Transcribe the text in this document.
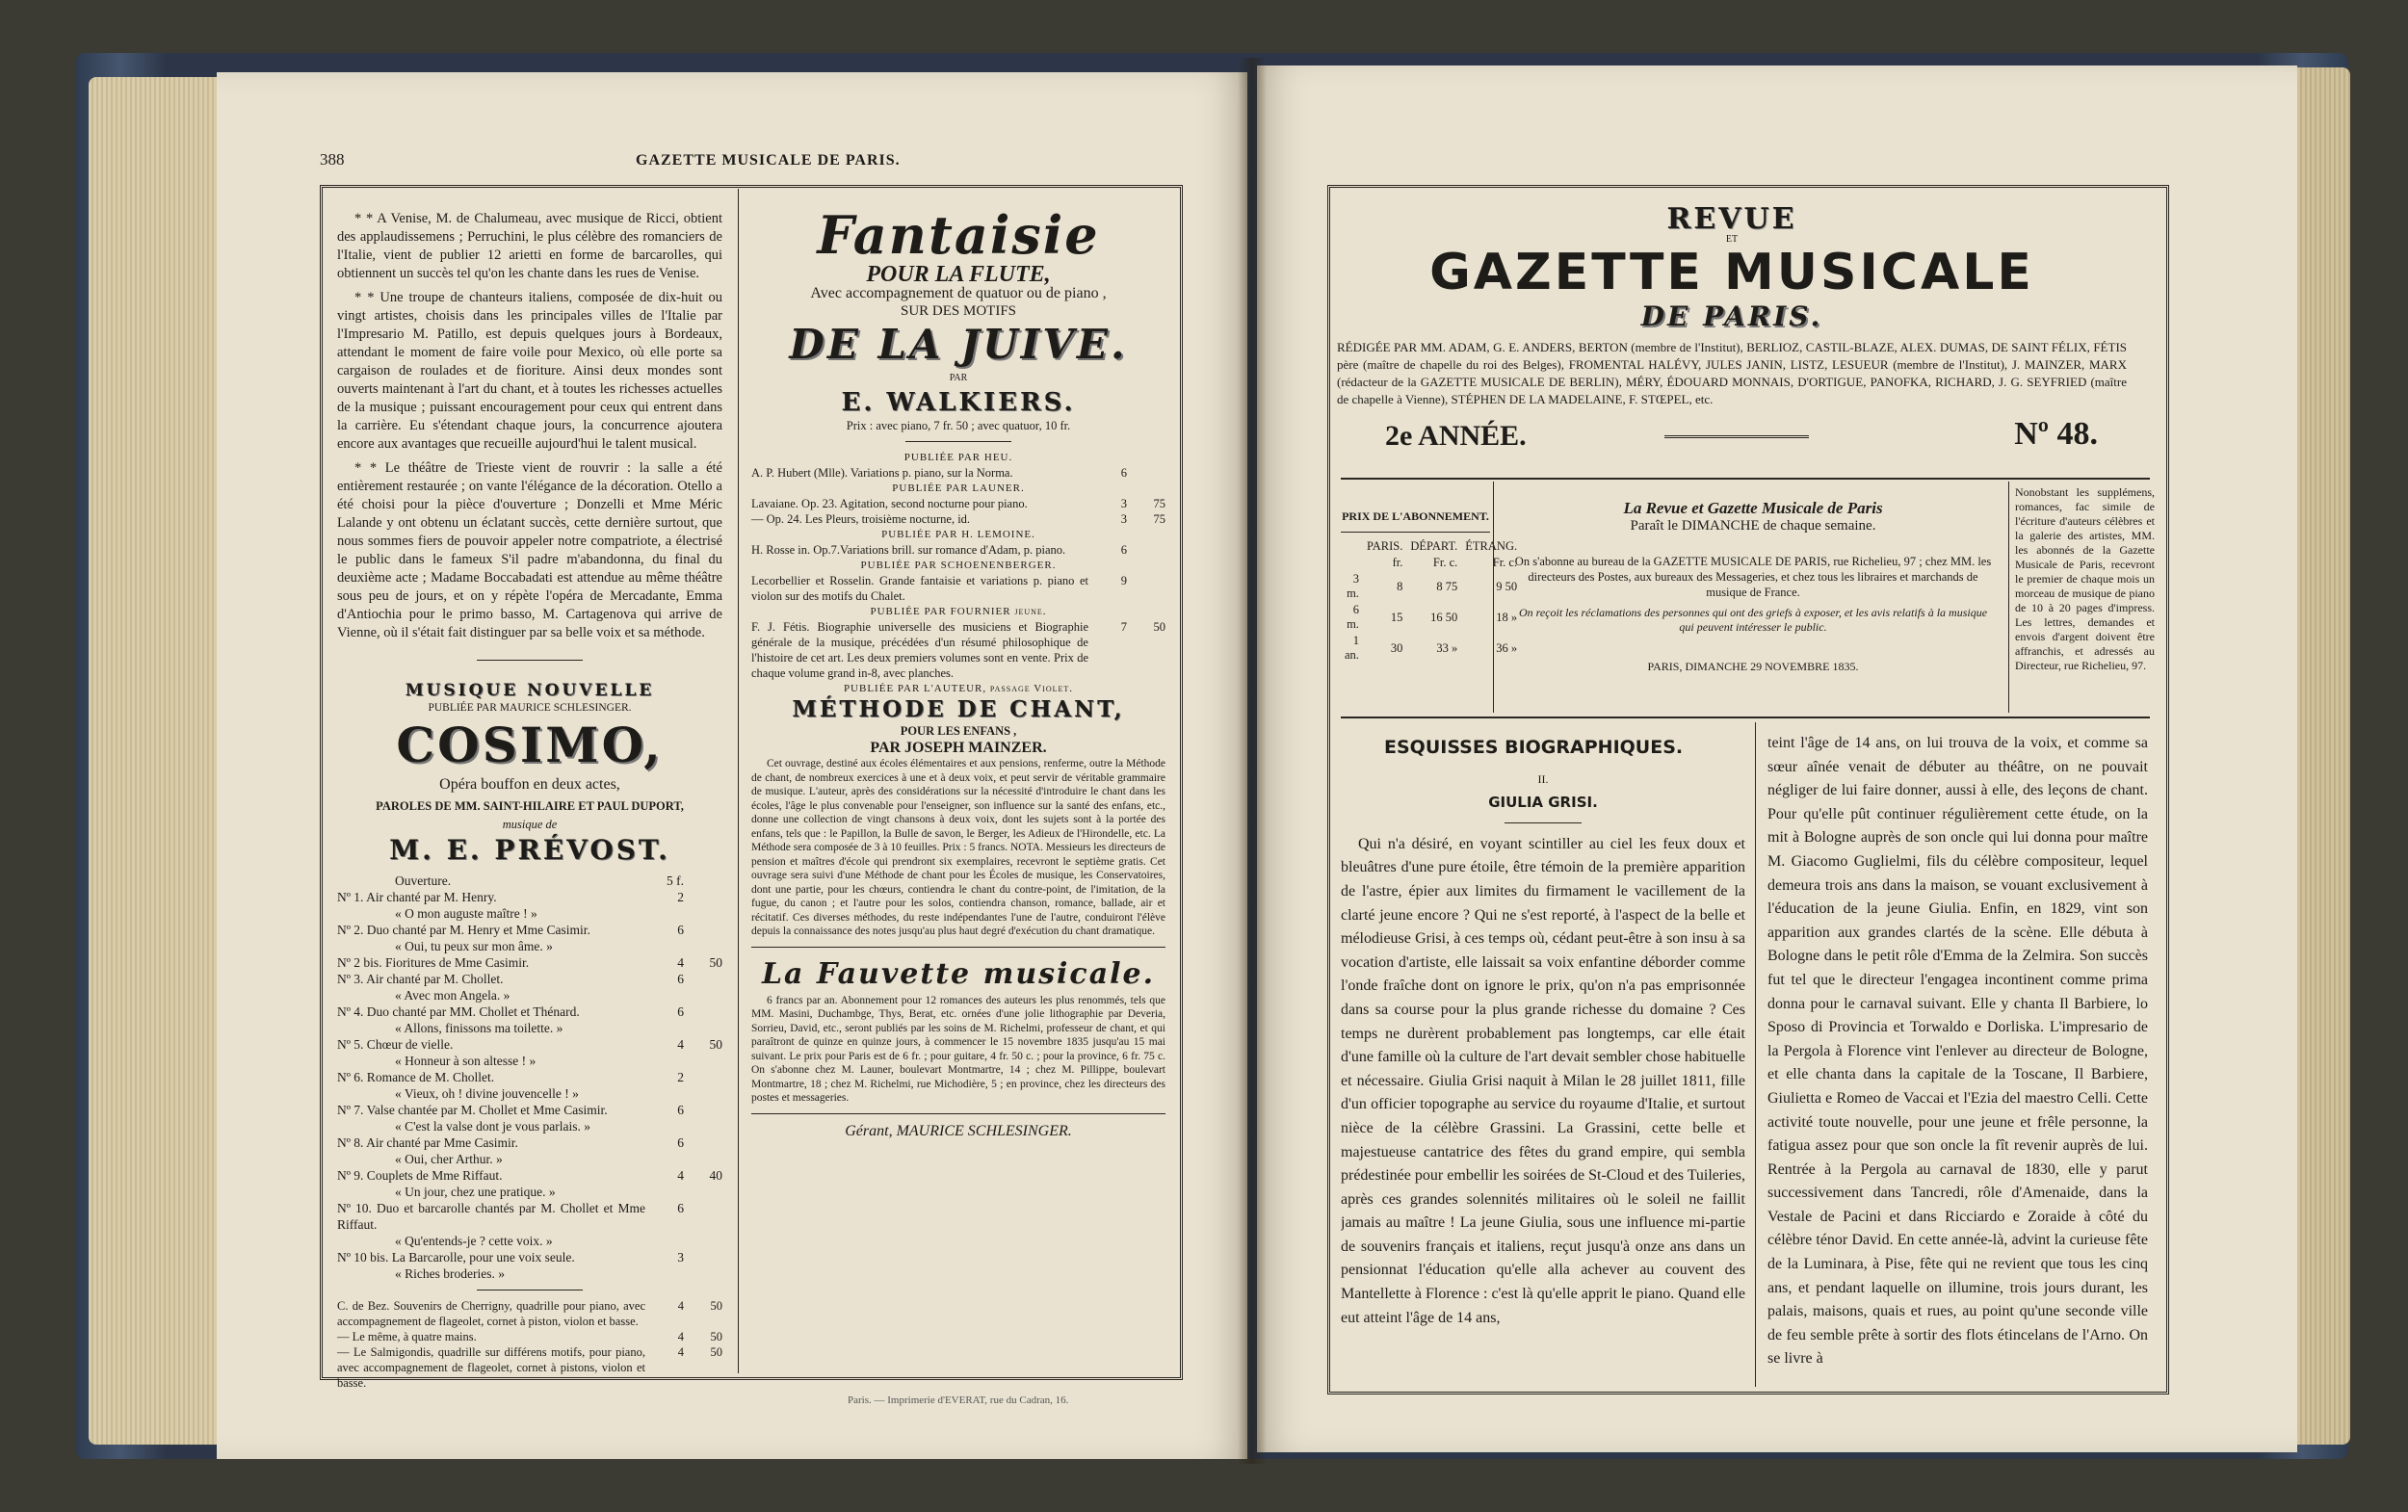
388	GAZETTE MUSICALE DE PARIS.

* * A Venise, M. de Chalumeau, avec musique de Ricci, obtient des applaudissemens ; Perruchini, le plus célèbre des romanciers de l'Italie, vient de publier 12 arietti en forme de barcarolles, qui obtiennent un succès tel qu'on les chante dans les rues de Venise.

* * Une troupe de chanteurs italiens, composée de dix-huit ou vingt artistes, choisis dans les principales villes de l'Italie par l'Impresario M. Patillo, est depuis quelques jours à Bordeaux, attendant le moment de faire voile pour Mexico, où elle porte sa cargaison de roulades et de fioriture. Ainsi deux mondes sont ouverts maintenant à l'art du chant, et à toutes les richesses actuelles de la musique ; puissant encouragement pour ceux qui entrent dans la carrière. Eu s'étendant chaque jours, la concurrence ajoutera encore aux avantages que recueille aujourd'hui le talent musical.

* * Le théâtre de Trieste vient de rouvrir : la salle a été entièrement restaurée ; on vante l'élégance de la décoration. Otello a été choisi pour la pièce d'ouverture ; Donzelli et Mme Méric Lalande y ont obtenu un éclatant succès, cette dernière surtout, que nous sommes fiers de pouvoir appeler notre compatriote, a électrisé le public dans le fameux S'il padre m'abandonna, du final du deuxième acte ; Madame Boccabadati est attendue au même théâtre sous peu de jours, et on y répète l'opéra de Mercadante, Emma d'Antiochia pour le primo basso, M. Cartagenova qui arrive de Vienne, où il s'était fait distinguer par sa belle voix et sa méthode.

MUSIQUE NOUVELLE
PUBLIÉE PAR MAURICE SCHLESINGER.
COSIMO,
Opéra bouffon en deux actes,
PAROLES DE MM. SAINT-HILAIRE ET PAUL DUPORT,
musique de
M. E. PRÉVOST.
Ouverture.	5 f.
Nº 1. Air chanté par M. Henry.	2
« O mon auguste maître ! »
Nº 2. Duo chanté par M. Henry et Mme Casimir.	6
« Oui, tu peux sur mon âme. »
Nº 2 bis. Fioritures de Mme Casimir.	4	50
Nº 3. Air chanté par M. Chollet.	6
« Avec mon Angela. »
Nº 4. Duo chanté par MM. Chollet et Thénard.	6
« Allons, finissons ma toilette. »
Nº 5. Chœur de vielle.	4	50
« Honneur à son altesse ! »
Nº 6. Romance de M. Chollet.	2
« Vieux, oh ! divine jouvencelle ! »
Nº 7. Valse chantée par M. Chollet et Mme Casimir.	6
« C'est la valse dont je vous parlais. »
Nº 8. Air chanté par Mme Casimir.	6
« Oui, cher Arthur. »
Nº 9. Couplets de Mme Riffaut.	4	40
« Un jour, chez une pratique. »
Nº 10. Duo et barcarolle chantés par M. Chollet et Mme Riffaut.
6
« Qu'entends-je ? cette voix. »
Nº 10 bis. La Barcarolle, pour une voix seule.	3
« Riches broderies. »
C. de Bez. Souvenirs de Cherrigny, quadrille pour piano, avec accompagnement de flageolet, cornet à piston, violon et basse.
4	50
— Le même, à quatre mains.	4	50
— Le Salmigondis, quadrille sur différens motifs, pour piano, avec accompagnement de flageolet, cornet à pistons, violon et basse.
4	50
Fantaisie
POUR LA FLUTE,
Avec accompagnement de quatuor ou de piano ,
SUR DES MOTIFS
DE LA JUIVE.
PAR
E. WALKIERS.
Prix : avec piano, 7 fr. 50 ; avec quatuor, 10 fr.
PUBLIÉE PAR HEU.
A. P. Hubert (Mlle). Variations p. piano, sur la Norma.	6
PUBLIÉE PAR LAUNER.
Lavaiane. Op. 23. Agitation, second nocturne pour piano.	3	75
— Op. 24. Les Pleurs, troisième nocturne, id.	3	75
PUBLIÉE PAR H. LEMOINE.
H. Rosse in. Op.7.Variations brill. sur romance d'Adam, p. piano.	6
PUBLIÉE PAR SCHOENENBERGER.
Lecorbellier et Rosselin. Grande fantaisie et variations p. piano et violon sur des motifs du Chalet.
9
PUBLIÉE PAR FOURNIER jeune.
F. J. Fétis. Biographie universelle des musiciens et Biographie générale de la musique, précédées d'un résumé philosophique de l'histoire de cet art. Les deux premiers volumes sont en vente. Prix de chaque volume grand in-8, avec planches.
7	50
PUBLIÉE PAR L'AUTEUR, passage Violet.
MÉTHODE DE CHANT,
POUR LES ENFANS ,
PAR JOSEPH MAINZER.
Cet ouvrage, destiné aux écoles élémentaires et aux pensions, renferme, outre la Méthode de chant, de nombreux exercices à une et à deux voix, et peut servir de véritable grammaire de musique. L'auteur, après des considérations sur la nécessité d'introduire le chant dans les écoles, l'âge le plus convenable pour l'enseigner, son influence sur la santé des enfans, etc., donne une collection de vingt chansons à deux voix, dont les sujets sont à la portée des enfans, tels que : le Papillon, la Bulle de savon, le Berger, les Adieux de l'Hirondelle, etc. La Méthode sera composée de 3 à 10 feuilles. Prix : 5 francs. NOTA. Messieurs les directeurs de pension et maîtres d'école qui prendront six exemplaires, recevront le septième gratis. Cet ouvrage sera suivi d'une Méthode de chant pour les Écoles de musique, les Conservatoires, dont une partie, pour les chœurs, contiendra le chant du contre-point, de l'imitation, de la fugue, du canon ; et l'autre pour les solos, contiendra chanson, romance, ballade, air et récitatif. Ces diverses méthodes, du reste indépendantes l'une de l'autre, conduiront l'élève depuis la connaissance des notes jusqu'au plus haut degré d'exécution du chant dramatique.
La Fauvette musicale.
6 francs par an. Abonnement pour 12 romances des auteurs les plus renommés, tels que MM. Masini, Duchambge, Thys, Berat, etc. ornées d'une jolie lithographie par Deveria, Sorrieu, David, etc., seront publiés par les soins de M. Richelmi, professeur de chant, et qui paraîtront de quinze en quinze jours, à commencer le 15 novembre 1835 jusqu'au 15 mai suivant. Le prix pour Paris est de 6 fr. ; pour guitare, 4 fr. 50 c. ; pour la province, 6 fr. 75 c. On s'abonne chez M. Launer, boulevart Montmartre, 14 ; chez M. Pillippe, boulevart Montmartre, 18 ; chez M. Richelmi, rue Michodière, 5 ; en province, chez les directeurs des postes et messageries.
Gérant, MAURICE SCHLESINGER.
Paris. — Imprimerie d'EVERAT, rue du Cadran, 16.
REVUE
ET
GAZETTE MUSICALE
DE PARIS.
RÉDIGÉE PAR MM. ADAM, G. E. ANDERS, BERTON (membre de l'Institut), BERLIOZ, CASTIL-BLAZE, ALEX. DUMAS, DE SAINT FÉLIX, FÉTIS père (maître de chapelle du roi des Belges), FROMENTAL HALÉVY, JULES JANIN, LISTZ, LESUEUR (membre de l'Institut), J. MAINZER, MARX (rédacteur de la GAZETTE MUSICALE DE BERLIN), MÉRY, ÉDOUARD MONNAIS, D'ORTIGUE, PANOFKA, RICHARD, J. G. SEYFRIED (maître de chapelle à Vienne), STÉPHEN DE LA MADELAINE, F. STŒPEL, etc.
2e ANNÉE.	Nº 48.
PRIX DE L'ABONNEMENT.
	PARIS.	DÉPART.	ÉTRANG.
	fr.	Fr. c.	Fr. c.
3 m.	8	8 75	9 50
6 m.	15	16 50	18 »
1 an.	30	33 »	36 »
La Revue et Gazette Musicale de Paris
Paraît le DIMANCHE de chaque semaine.
On s'abonne au bureau de la GAZETTE MUSICALE DE PARIS, rue Richelieu, 97 ; chez MM. les directeurs des Postes, aux bureaux des Messageries, et chez tous les libraires et marchands de musique de France.
On reçoit les réclamations des personnes qui ont des griefs à exposer, et les avis relatifs à la musique qui peuvent intéresser le public.
PARIS, DIMANCHE 29 NOVEMBRE 1835.
Nonobstant les supplémens, romances, fac simile de l'écriture d'auteurs célèbres et la galerie des artistes, MM. les abonnés de la Gazette Musicale de Paris, recevront le premier de chaque mois un morceau de musique de piano de 10 à 20 pages d'impress. Les lettres, demandes et envois d'argent doivent être affranchis, et adressés au Directeur, rue Richelieu, 97.
ESQUISSES BIOGRAPHIQUES.
II.
GIULIA GRISI.

Qui n'a désiré, en voyant scintiller au ciel les feux doux et bleuâtres d'une pure étoile, être témoin de la première apparition de l'astre, épier aux limites du firmament le vacillement de la clarté jeune encore ? Qui ne s'est reporté, à l'aspect de la belle et mélodieuse Grisi, à ces temps où, cédant peut-être à son insu à sa vocation d'artiste, elle laissait sa voix enfantine déborder comme l'onde fraîche dont on ignore le prix, qu'on n'a pas emprisonnée dans sa course pour la plus grande richesse du domaine ? Ces temps ne durèrent probablement pas longtemps, car elle était d'une famille où la culture de l'art devait sembler chose habituelle et nécessaire. Giulia Grisi naquit à Milan le 28 juillet 1811, fille d'un officier topographe au service du royaume d'Italie, et surtout nièce de la célèbre Grassini. La Grassini, cette belle et majestueuse cantatrice des fêtes du grand empire, qui sembla prédestinée pour embellir les soirées de St-Cloud et des Tuileries, après ces grandes solennités militaires où le soleil ne faillit jamais au maître ! La jeune Giulia, sous une influence mi-partie de souvenirs français et italiens, reçut jusqu'à onze ans dans un pensionnat l'éducation qu'elle alla achever au couvent des Mantellette à Florence : c'est là qu'elle apprit le piano. Quand elle eut atteint l'âge de 14 ans,

teint l'âge de 14 ans, on lui trouva de la voix, et comme sa sœur aînée venait de débuter au théâtre, on ne pouvait négliger de lui faire donner, aussi à elle, des leçons de chant. Pour qu'elle pût continuer régulièrement cette étude, on la mit à Bologne auprès de son oncle qui lui donna pour maître M. Giacomo Guglielmi, fils du célèbre compositeur, lequel demeura trois ans dans la maison, se vouant exclusivement à l'éducation de la jeune Giulia. Enfin, en 1829, vint son apparition aux grandes clartés de la scène. Elle débuta à Bologne dans le petit rôle d'Emma de la Zelmira. Son succès fut tel que le directeur l'engagea incontinent comme prima donna pour le carnaval suivant. Elle y chanta Il Barbiere, lo Sposo di Provincia et Torwaldo e Dorliska. L'impresario de la Pergola à Florence vint l'enlever au directeur de Bologne, et elle chanta dans la capitale de la Toscane, Il Barbiere, Giulietta e Romeo de Vaccai et l'Ezia del maestro Celli. Cette activité toute nouvelle, pour une jeune et frêle personne, la fatigua assez pour que son oncle la fît revenir auprès de lui. Rentrée à la Pergola au carnaval de 1830, elle y parut successivement dans Tancredi, rôle d'Amenaide, dans la Vestale de Pacini et dans Ricciardo e Zoraide à côté du célèbre ténor David. En cette année-là, advint la curieuse fête de la Luminara, à Pise, fête qui ne revient que tous les cinq ans, et pendant laquelle on illumine, trois jours durant, les palais, maisons, quais et rues, au point qu'une seconde ville de feu semble prête à sortir des flots étincelans de l'Arno. On se livre à
